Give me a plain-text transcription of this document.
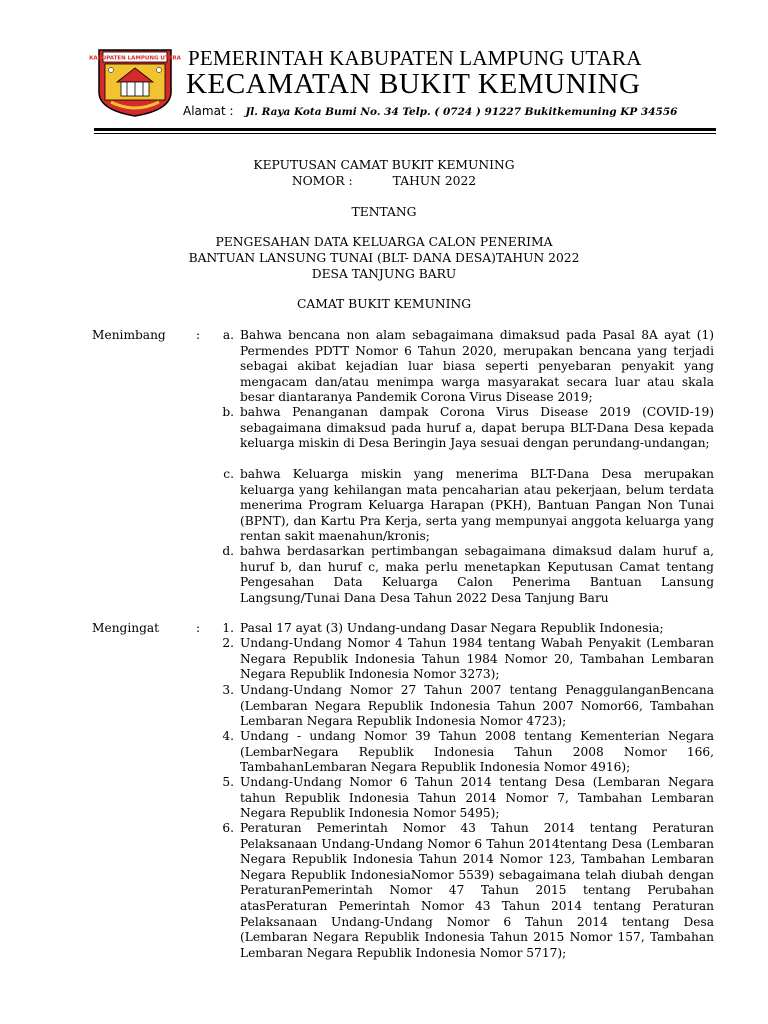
KABUPATEN LAMPUNG UTARA PEMERINTAH KABUPATEN LAMPUNG UTARA
KECAMATAN BUKIT KEMUNING
Alamat : Jl. Raya Kota Bumi No. 34 Telp. ( 0724 ) 91227 Bukitkemuning KP 34556
KEPUTUSAN CAMAT BUKIT KEMUNING
NOMOR :	TAHUN 2022
TENTANG
PENGESAHAN DATA KELUARGA CALON PENERIMA
BANTUAN LANSUNG TUNAI (BLT- DANA DESA)TAHUN 2022
DESA TANJUNG BARU
CAMAT BUKIT KEMUNING
Menimbang :	a. Bahwa bencana non alam sebagaimana dimaksud pada Pasal 8A ayat (1) Permendes PDTT Nomor 6 Tahun 2020, merupakan bencana yang terjadi sebagai akibat kejadian luar biasa seperti penyebaran penyakit yang mengacam dan/atau menimpa warga masyarakat secara luar atau skala besar diantaranya Pandemik Corona Virus Disease 2019;
b. bahwa Penanganan dampak Corona Virus Disease 2019 (COVID-19) sebagaimana dimaksud pada huruf a, dapat berupa BLT-Dana Desa kepada keluarga miskin di Desa Beringin Jaya sesuai dengan perundang-undangan;
c. bahwa Keluarga miskin yang menerima BLT-Dana Desa merupakan keluarga yang kehilangan mata pencaharian atau pekerjaan, belum terdata menerima Program Keluarga Harapan (PKH), Bantuan Pangan Non Tunai (BPNT), dan Kartu Pra Kerja, serta yang mempunyai anggota keluarga yang rentan sakit maenahun/kronis;
d. bahwa berdasarkan pertimbangan sebagaimana dimaksud dalam huruf a, huruf b, dan huruf c, maka perlu menetapkan Keputusan Camat tentang Pengesahan Data Keluarga Calon Penerima Bantuan Lansung Langsung/Tunai Dana Desa Tahun 2022 Desa Tanjung Baru
Mengingat	:	1. Pasal 17 ayat (3) Undang-undang Dasar Negara Republik Indonesia;
2. Undang-Undang Nomor 4 Tahun 1984 tentang Wabah Penyakit (Lembaran Negara Republik Indonesia Tahun 1984 Nomor 20, Tambahan Lembaran Negara Republik Indonesia Nomor 3273);
3. Undang-Undang Nomor 27 Tahun 2007 tentang PenaggulanganBencana (Lembaran Negara Republik Indonesia Tahun 2007 Nomor66, Tambahan Lembaran Negara Republik Indonesia Nomor 4723);
4. Undang - undang Nomor 39 Tahun 2008 tentang Kementerian Negara (LembarNegara Republik Indonesia Tahun 2008 Nomor 166, TambahanLembaran Negara Republik Indonesia Nomor 4916);
5. Undang-Undang Nomor 6 Tahun 2014 tentang Desa (Lembaran Negara tahun Republik Indonesia Tahun 2014 Nomor 7, Tambahan Lembaran Negara Republik Indonesia Nomor 5495);
6. Peraturan Pemerintah Nomor 43 Tahun 2014 tentang Peraturan Pelaksanaan Undang-Undang Nomor 6 Tahun 2014tentang Desa (Lembaran Negara Republik Indonesia Tahun 2014 Nomor 123, Tambahan Lembaran Negara Republik IndonesiaNomor 5539) sebagaimana telah diubah dengan PeraturanPemerintah Nomor 47 Tahun 2015 tentang Perubahan atasPeraturan Pemerintah Nomor 43 Tahun 2014 tentang Peraturan Pelaksanaan Undang-Undang Nomor 6 Tahun 2014 tentang Desa (Lembaran Negara Republik Indonesia Tahun 2015 Nomor 157, Tambahan Lembaran Negara Republik Indonesia Nomor 5717);
